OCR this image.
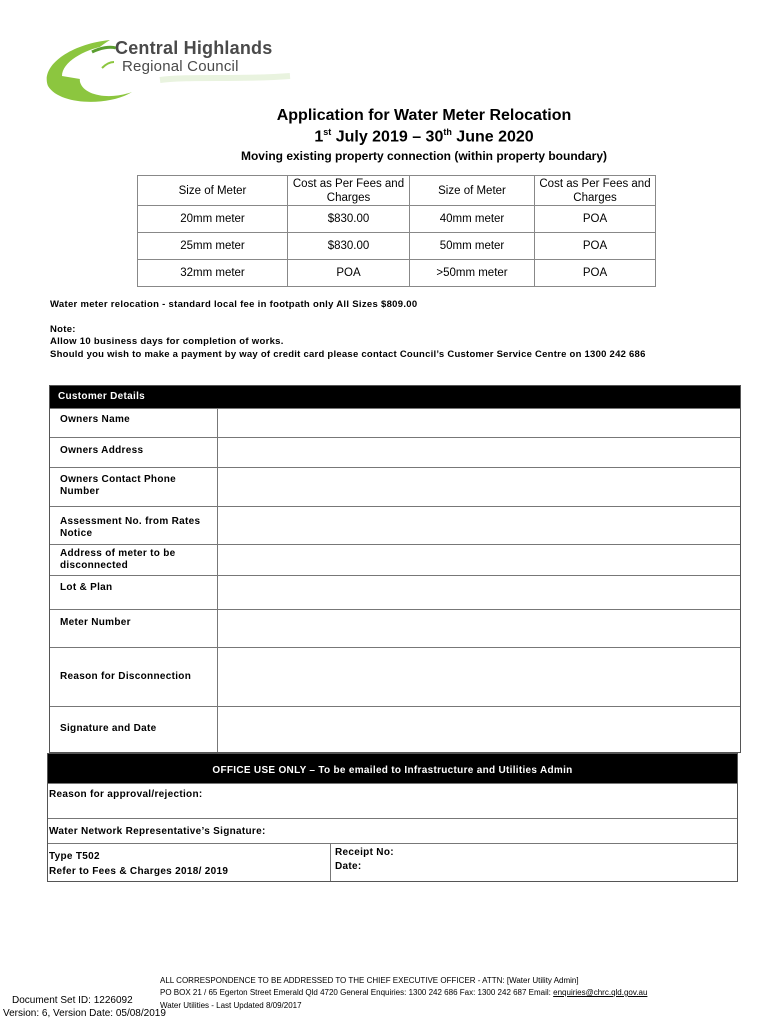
Central Highlands
Regional Council
Application for Water Meter Relocation
1st July 2019 – 30th June 2020
Moving existing property connection (within property boundary)
Size of Meter	Cost as Per Fees and Charges	Size of Meter	Cost as Per Fees and Charges
20mm meter	$830.00	40mm meter	POA
25mm meter	$830.00	50mm meter	POA
32mm meter	POA	>50mm meter	POA
Water meter relocation - standard local fee in footpath only All Sizes $809.00
Note:
Allow 10 business days for completion of works.
Should you wish to make a payment by way of credit card please contact Council’s Customer Service Centre on 1300 242 686
Customer Details
Owners Name
Owners Address
Owners Contact Phone Number
Assessment No. from Rates Notice
Address of meter to be disconnected
Lot & Plan
Meter Number
Reason for Disconnection
Signature and Date
OFFICE USE ONLY – To be emailed to Infrastructure and Utilities Admin
Reason for approval/rejection:
Water Network Representative’s Signature:
Type T502
Refer to Fees & Charges 2018/ 2019
Receipt No:
Date:
ALL CORRESPONDENCE TO BE ADDRESSED TO THE CHIEF EXECUTIVE OFFICER - ATTN: [Water Utility Admin]
PO BOX 21 / 65 Egerton Street Emerald Qld 4720 General Enquiries: 1300 242 686 Fax: 1300 242 687 Email: enquiries@chrc.qld.gov.au
Water Utilities - Last Updated 8/09/2017
Document Set ID: 1226092
Version: 6, Version Date: 05/08/2019
